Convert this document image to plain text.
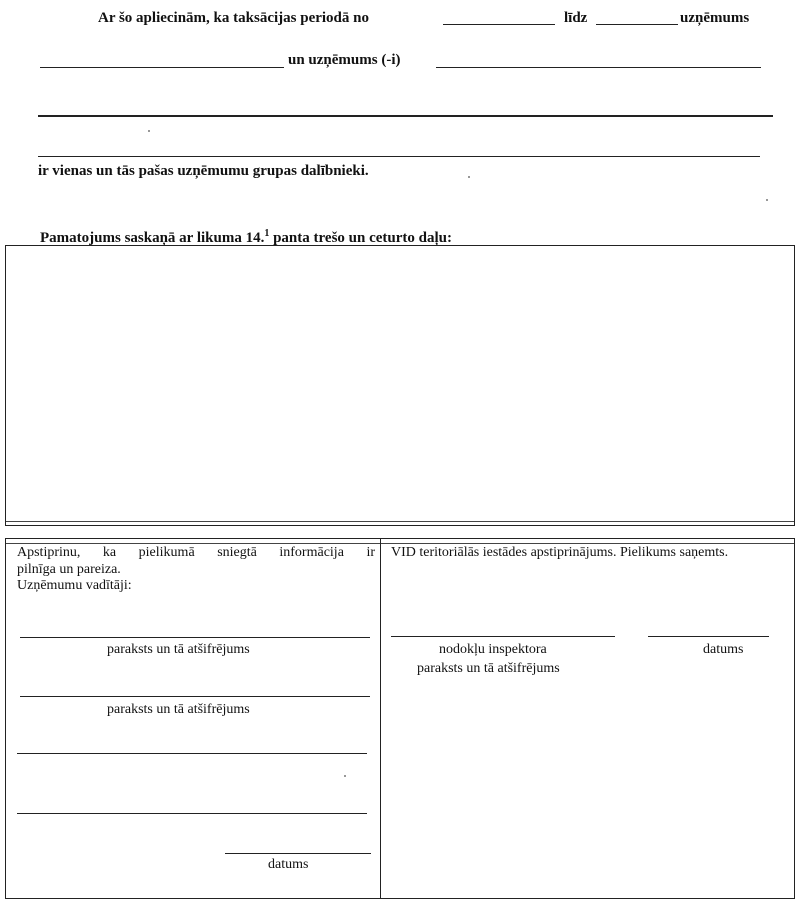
Ar šo apliecinām, ka taksācijas periodā no	līdz	uzņēmums
un uzņēmums (-i)
ir vienas un tās pašas uzņēmumu grupas dalībnieki.
Pamatojums saskaņā ar likuma 14.$^1$ panta trešo un ceturto daļu:
Apstiprinu, ka pielikumā sniegtā informācija ir
pilnīga un pareiza.
Uzņēmumu vadītāji:
paraksts un tā atšifrējums
paraksts un tā atšifrējums
datums
VID teritoriālās iestādes apstiprinājums. Pielikums saņemts.
nodokļu inspektora
paraksts un tā atšifrējums
datums
